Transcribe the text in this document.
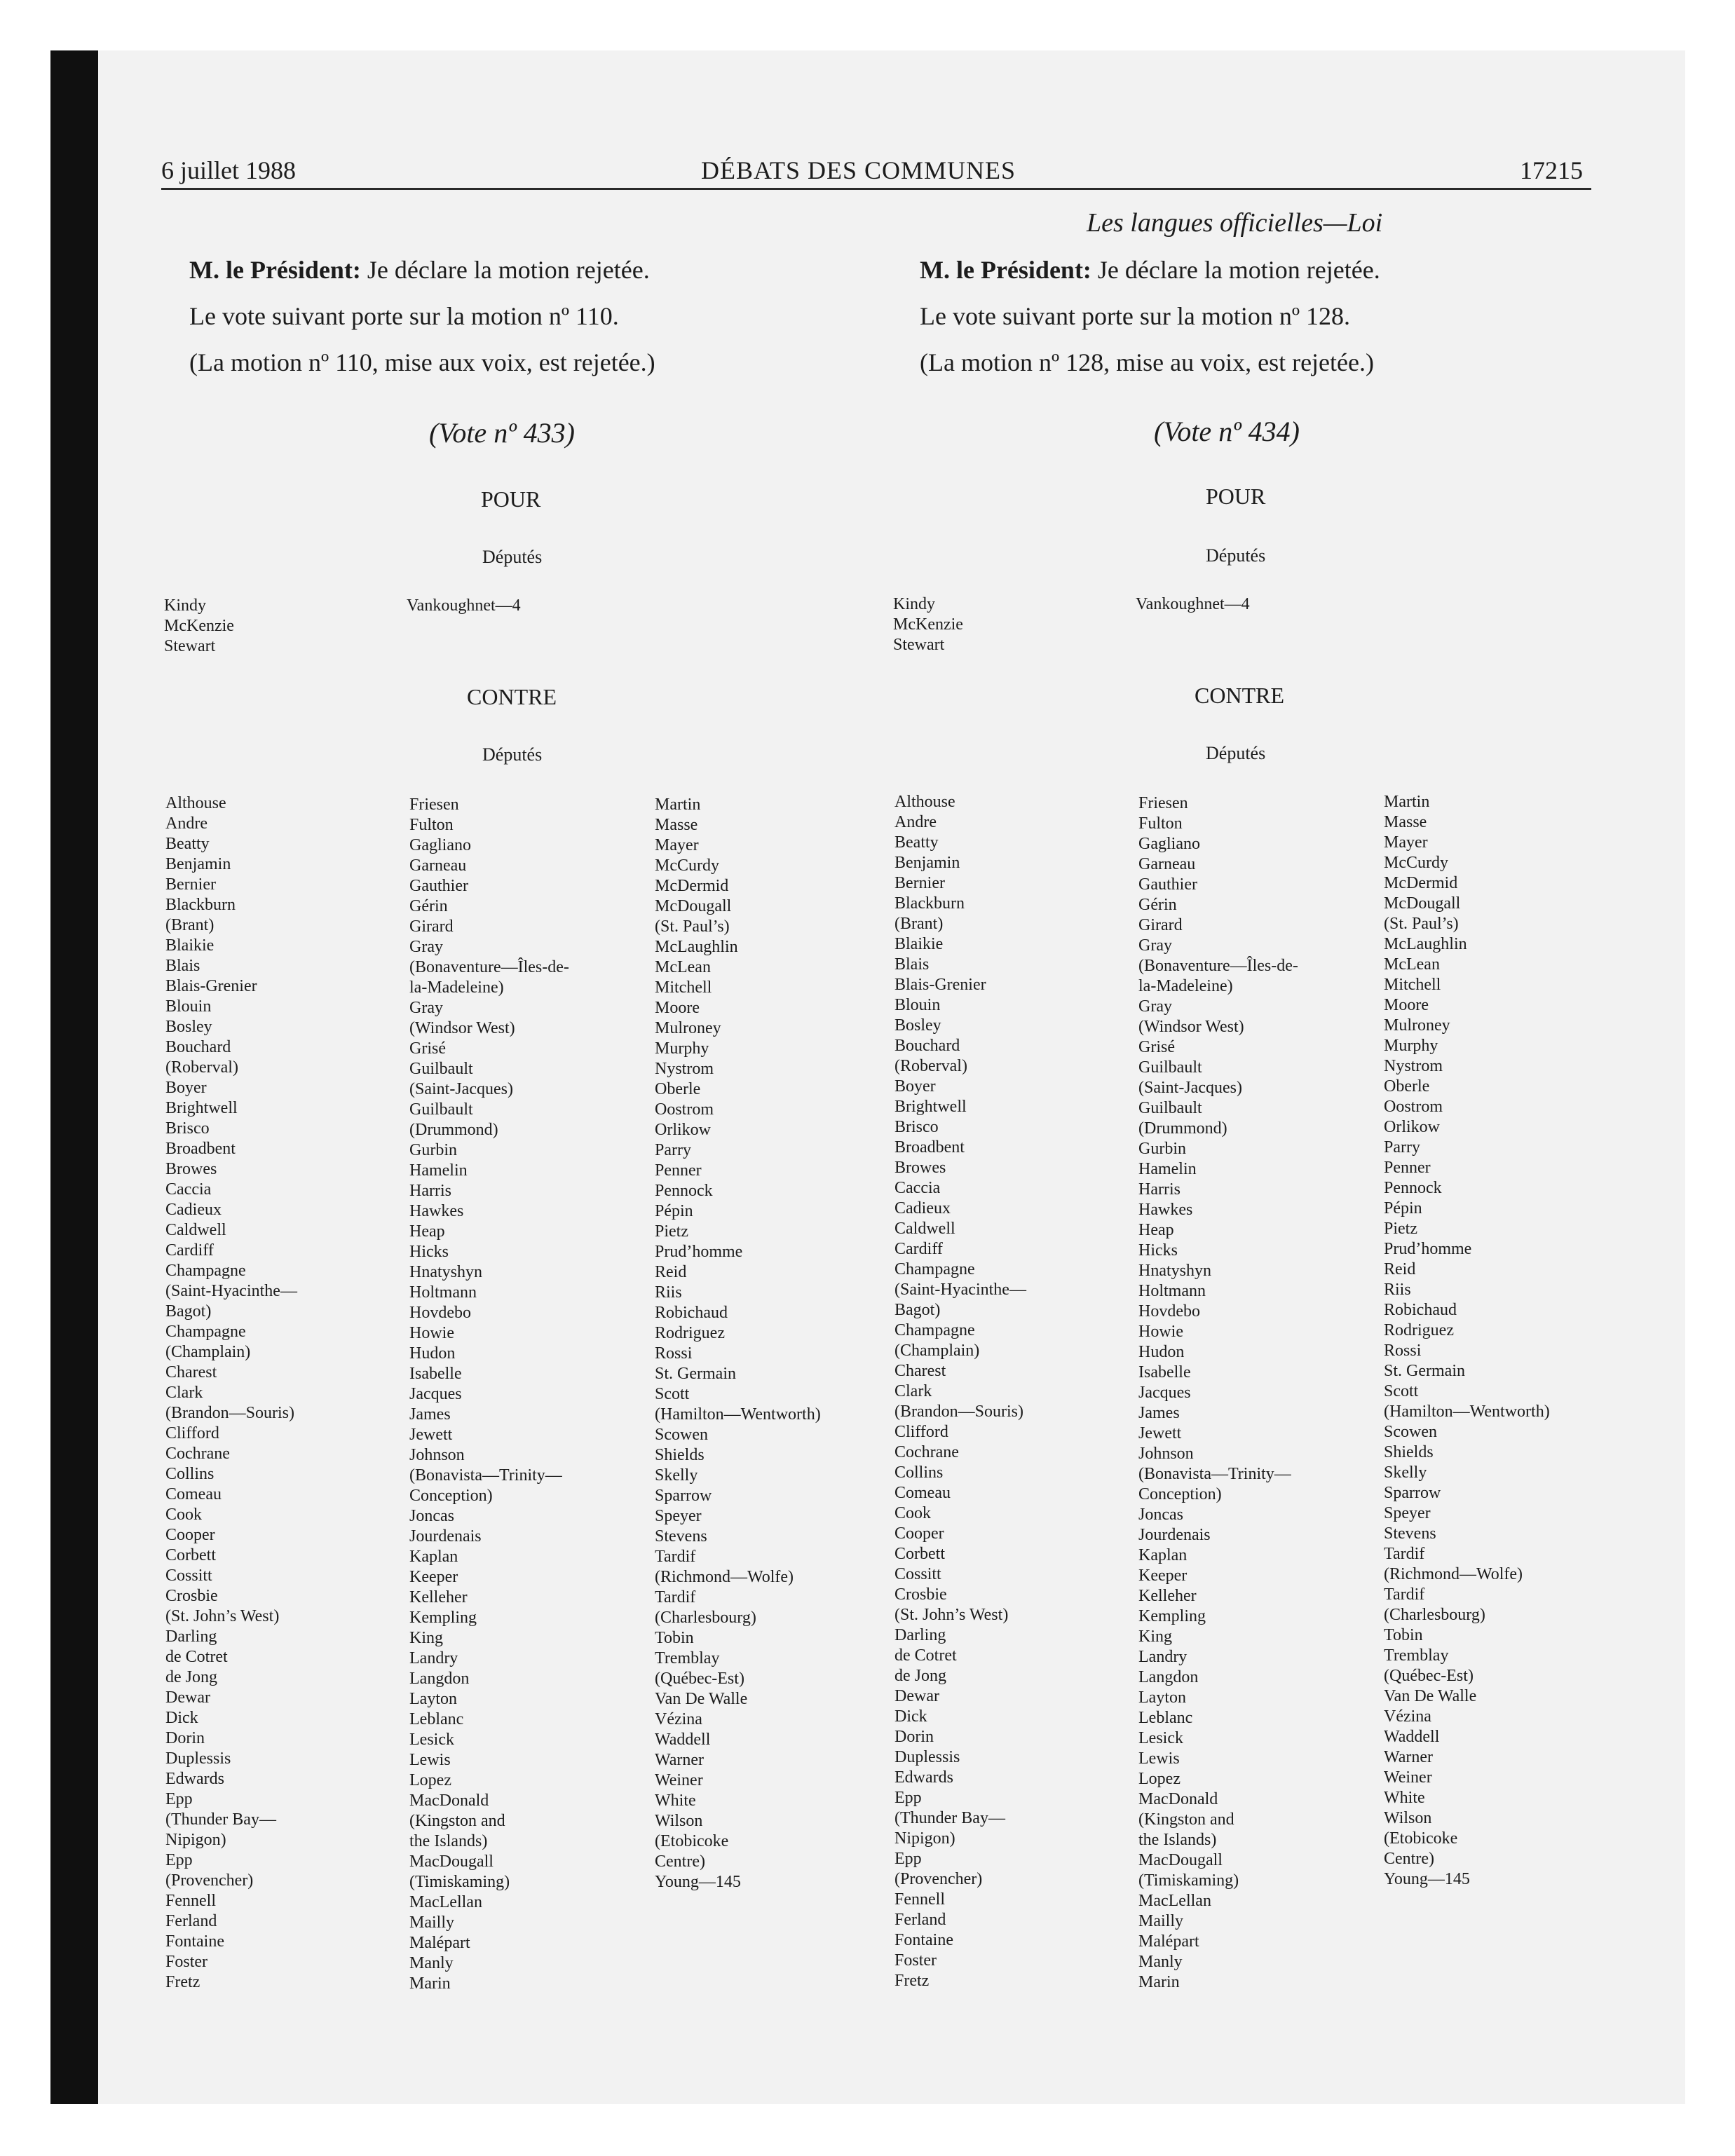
6 juillet 1988	DÉBATS DES COMMUNES	17215
Les langues officielles—Loi

M. le Président: Je déclare la motion rejetée.

Le vote suivant porte sur la motion nº 110.

(La motion nº 110, mise aux voix, est rejetée.)

(Vote nº 433)
POUR
Députés
Kindy
McKenzie
Stewart
Vankoughnet—4
CONTRE
Députés
Althouse
Andre
Beatty
Benjamin
Bernier
Blackburn
(Brant)
Blaikie
Blais
Blais-Grenier
Blouin
Bosley
Bouchard
(Roberval)
Boyer
Brightwell
Brisco
Broadbent
Browes
Caccia
Cadieux
Caldwell
Cardiff
Champagne
(Saint-Hyacinthe—
Bagot)
Champagne
(Champlain)
Charest
Clark
(Brandon—Souris)
Clifford
Cochrane
Collins
Comeau
Cook
Cooper
Corbett
Cossitt
Crosbie
(St. John’s West)
Darling
de Cotret
de Jong
Dewar
Dick
Dorin
Duplessis
Edwards
Epp
(Thunder Bay—
Nipigon)
Epp
(Provencher)
Fennell
Ferland
Fontaine
Foster
Fretz
Friesen
Fulton
Gagliano
Garneau
Gauthier
Gérin
Girard
Gray
(Bonaventure—Îles-de-
la-Madeleine)
Gray
(Windsor West)
Grisé
Guilbault
(Saint-Jacques)
Guilbault
(Drummond)
Gurbin
Hamelin
Harris
Hawkes
Heap
Hicks
Hnatyshyn
Holtmann
Hovdebo
Howie
Hudon
Isabelle
Jacques
James
Jewett
Johnson
(Bonavista—Trinity—
Conception)
Joncas
Jourdenais
Kaplan
Keeper
Kelleher
Kempling
King
Landry
Langdon
Layton
Leblanc
Lesick
Lewis
Lopez
MacDonald
(Kingston and
the Islands)
MacDougall
(Timiskaming)
MacLellan
Mailly
Malépart
Manly
Marin
Martin
Masse
Mayer
McCurdy
McDermid
McDougall
(St. Paul’s)
McLaughlin
McLean
Mitchell
Moore
Mulroney
Murphy
Nystrom
Oberle
Oostrom
Orlikow
Parry
Penner
Pennock
Pépin
Pietz
Prud’homme
Reid
Riis
Robichaud
Rodriguez
Rossi
St. Germain
Scott
(Hamilton—Wentworth)
Scowen
Shields
Skelly
Sparrow
Speyer
Stevens
Tardif
(Richmond—Wolfe)
Tardif
(Charlesbourg)
Tobin
Tremblay
(Québec-Est)
Van De Walle
Vézina
Waddell
Warner
Weiner
White
Wilson
(Etobicoke
Centre)
Young—145

M. le Président: Je déclare la motion rejetée.

Le vote suivant porte sur la motion nº 128.

(La motion nº 128, mise au voix, est rejetée.)

(Vote nº 434)
POUR
Députés
Kindy
McKenzie
Stewart
Vankoughnet—4
CONTRE
Députés
Althouse
Andre
Beatty
Benjamin
Bernier
Blackburn
(Brant)
Blaikie
Blais
Blais-Grenier
Blouin
Bosley
Bouchard
(Roberval)
Boyer
Brightwell
Brisco
Broadbent
Browes
Caccia
Cadieux
Caldwell
Cardiff
Champagne
(Saint-Hyacinthe—
Bagot)
Champagne
(Champlain)
Charest
Clark
(Brandon—Souris)
Clifford
Cochrane
Collins
Comeau
Cook
Cooper
Corbett
Cossitt
Crosbie
(St. John’s West)
Darling
de Cotret
de Jong
Dewar
Dick
Dorin
Duplessis
Edwards
Epp
(Thunder Bay—
Nipigon)
Epp
(Provencher)
Fennell
Ferland
Fontaine
Foster
Fretz
Friesen
Fulton
Gagliano
Garneau
Gauthier
Gérin
Girard
Gray
(Bonaventure—Îles-de-
la-Madeleine)
Gray
(Windsor West)
Grisé
Guilbault
(Saint-Jacques)
Guilbault
(Drummond)
Gurbin
Hamelin
Harris
Hawkes
Heap
Hicks
Hnatyshyn
Holtmann
Hovdebo
Howie
Hudon
Isabelle
Jacques
James
Jewett
Johnson
(Bonavista—Trinity—
Conception)
Joncas
Jourdenais
Kaplan
Keeper
Kelleher
Kempling
King
Landry
Langdon
Layton
Leblanc
Lesick
Lewis
Lopez
MacDonald
(Kingston and
the Islands)
MacDougall
(Timiskaming)
MacLellan
Mailly
Malépart
Manly
Marin
Martin
Masse
Mayer
McCurdy
McDermid
McDougall
(St. Paul’s)
McLaughlin
McLean
Mitchell
Moore
Mulroney
Murphy
Nystrom
Oberle
Oostrom
Orlikow
Parry
Penner
Pennock
Pépin
Pietz
Prud’homme
Reid
Riis
Robichaud
Rodriguez
Rossi
St. Germain
Scott
(Hamilton—Wentworth)
Scowen
Shields
Skelly
Sparrow
Speyer
Stevens
Tardif
(Richmond—Wolfe)
Tardif
(Charlesbourg)
Tobin
Tremblay
(Québec-Est)
Van De Walle
Vézina
Waddell
Warner
Weiner
White
Wilson
(Etobicoke
Centre)
Young—145
